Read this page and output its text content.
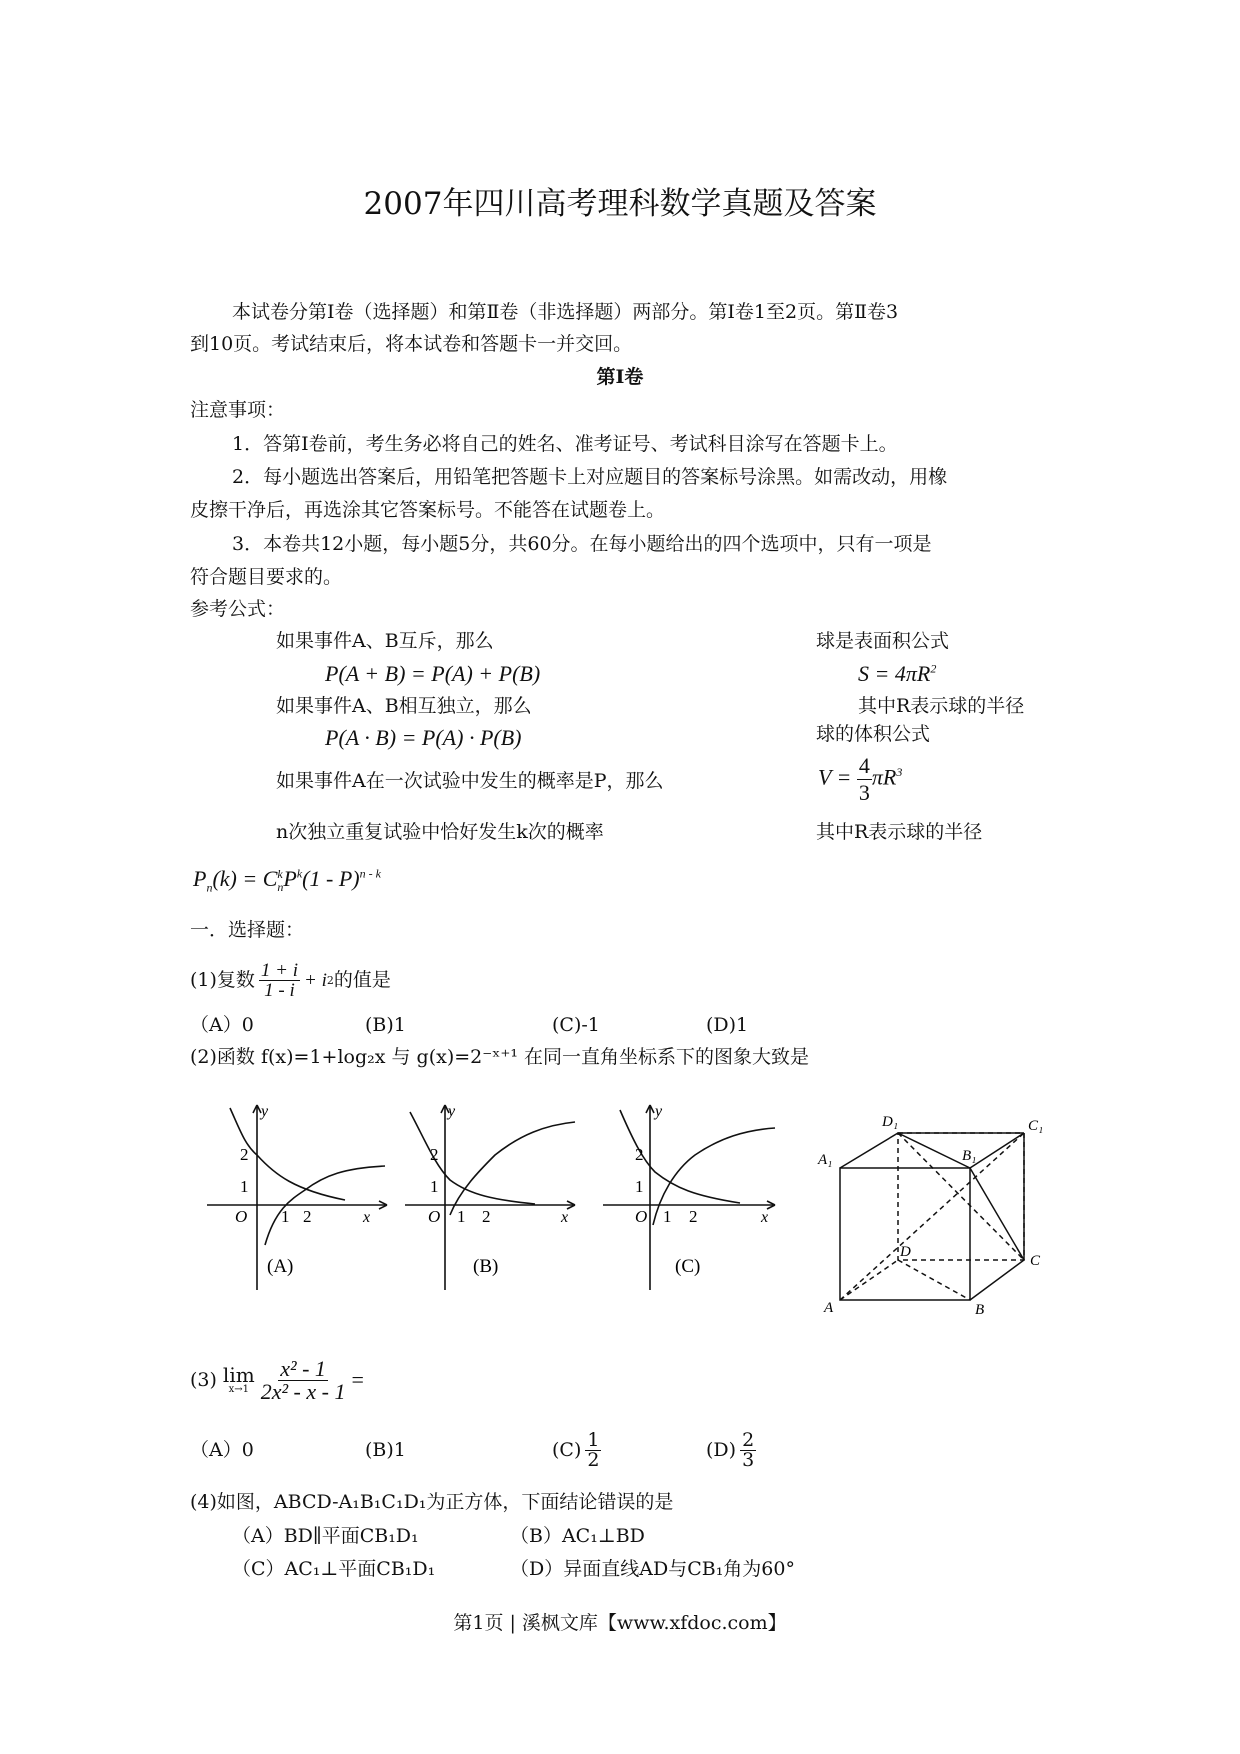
2007年四川高考理科数学真题及答案
本试卷分第Ⅰ卷（选择题）和第Ⅱ卷（非选择题）两部分。第Ⅰ卷1至2页。第Ⅱ卷3
到10页。考试结束后，将本试卷和答题卡一并交回。
第Ⅰ卷
注意事项：
1．答第Ⅰ卷前，考生务必将自己的姓名、准考证号、考试科目涂写在答题卡上。
2．每小题选出答案后，用铅笔把答题卡上对应题目的答案标号涂黑。如需改动，用橡
皮擦干净后，再选涂其它答案标号。不能答在试题卷上。
3．本卷共12小题，每小题5分，共60分。在每小题给出的四个选项中，只有一项是
符合题目要求的。
参考公式：
如果事件A、B互斥，那么
P(A + B) = P(A) + P(B)
如果事件A、B相互独立，那么
P(A · B) = P(A) · P(B)
如果事件A在一次试验中发生的概率是P，那么
n次独立重复试验中恰好发生k次的概率
球是表面积公式
$S = 4\pi R^2$
其中R表示球的半径
球的体积公式
$V = \frac{4}{3} \pi R^3$
其中R表示球的半径
$P_n(k) = C$ k
n $P^k(1 - P)^{n - k}$
一．选择题：
(1)复数 $\frac{1 + i}{1 - i} + i$ 2 的值是
（A）0	(B)1	(C)-1	(D)1
(2)函数 f(x)=1+log₂x 与 g(x)=2⁻ˣ⁺¹ 在同一直角坐标系下的图象大致是
y
x
O
2
1
1 2
(A)
y
x
O
2
1
1 2
(B)
y
x
O
2
1
1 2
(C)
A	B
C
D
A₁	B₁
C₁
D₁
(3) lim
$x\to 1 \frac{\text{x² - 1}}{\text{2x² - x - 1}}$ =
（A）0	(B)1	$(C) \frac{1}{2}$	$(D) \frac{2}{3}$
(4)如图，ABCD-A₁B₁C₁D₁为正方体，下面结论错误的是
（A）BD∥平面CB₁D₁	（B）AC₁⊥BD
（C）AC₁⊥平面CB₁D₁	（D）异面直线AD与CB₁角为60°
第1页 | 溪枫文库【www.xfdoc.com】
